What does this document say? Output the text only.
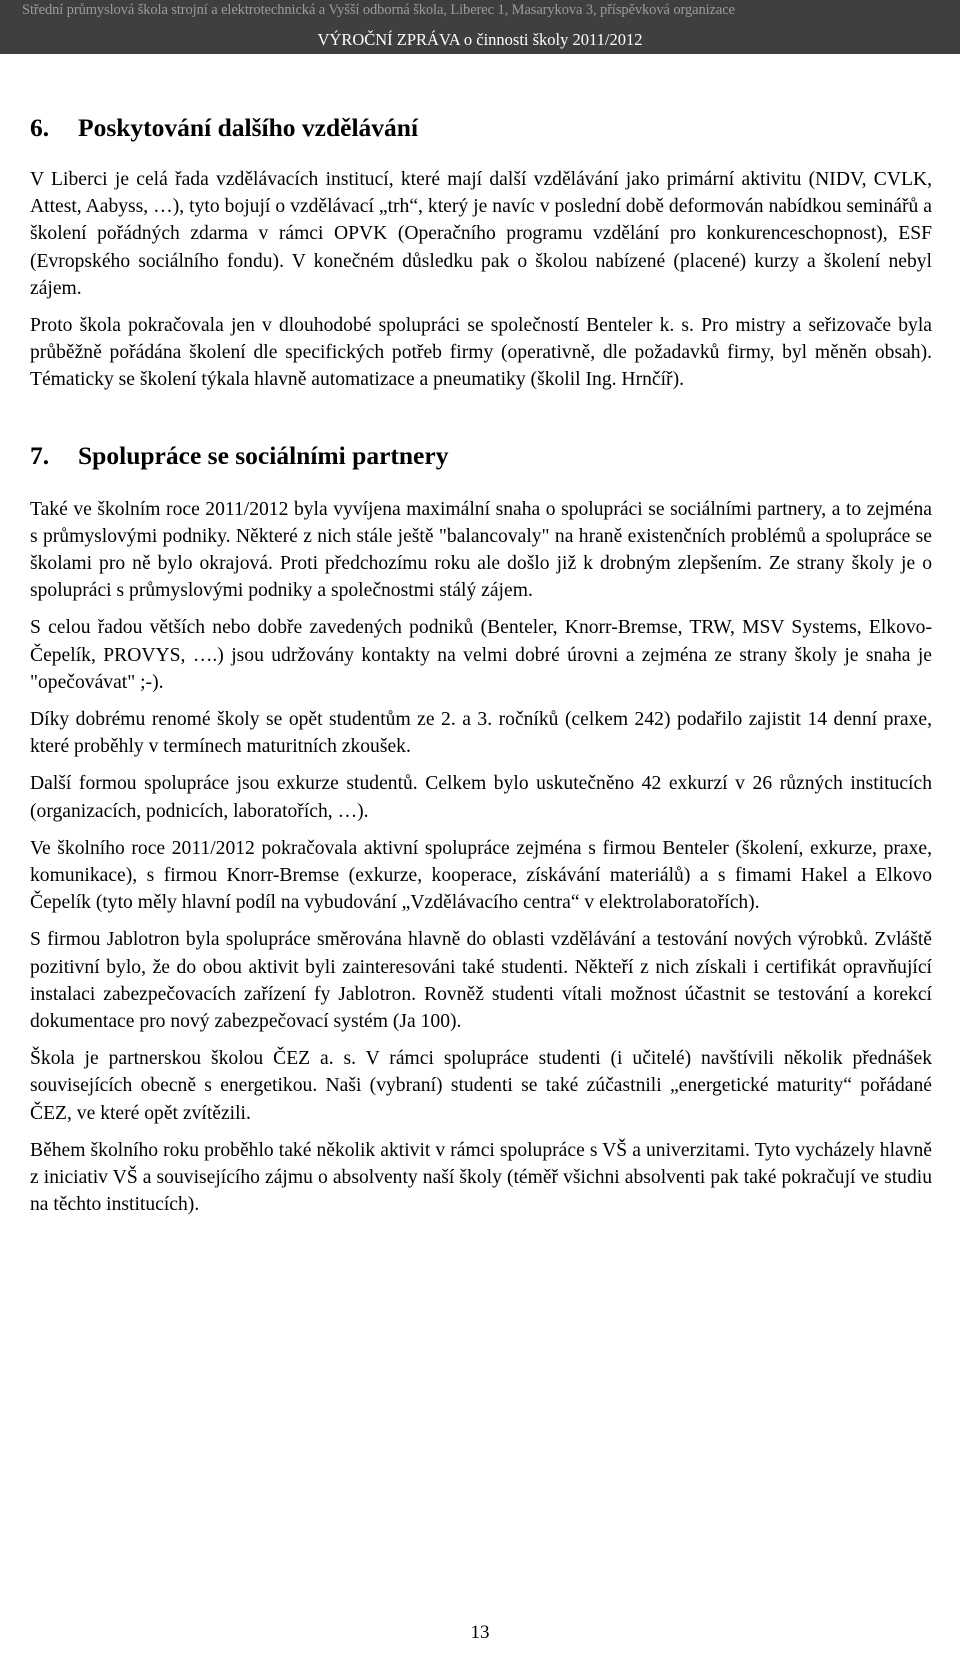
Střední průmyslová škola strojní a elektrotechnická a Vyšší odborná škola, Liberec 1, Masarykova 3, příspěvková organizace
VÝROČNÍ ZPRÁVA o činnosti školy 2011/2012
6.	Poskytování dalšího vzdělávání

V Liberci je celá řada vzdělávacích institucí, které mají další vzdělávání jako primární aktivitu (NIDV, CVLK, Attest, Aabyss, …), tyto bojují o vzdělávací „trh“, který je navíc v poslední době deformován nabídkou seminářů a školení pořádných zdarma v rámci OPVK (Operačního programu vzdělání pro konkurenceschopnost), ESF (Evropského sociálního fondu). V konečném důsledku pak o školou nabízené (placené) kurzy a školení nebyl zájem.

Proto škola pokračovala jen v dlouhodobé spolupráci se společností Benteler k. s. Pro mistry a seřizovače byla průběžně pořádána školení dle specifických potřeb firmy (operativně, dle požadavků firmy, byl měněn obsah). Tématicky se školení týkala hlavně automatizace a pneumatiky (školil Ing. Hrnčíř).

7.	Spolupráce se sociálními partnery

Také ve školním roce 2011/2012 byla vyvíjena maximální snaha o spolupráci se sociálními partnery, a to zejména s průmyslovými podniky. Některé z nich stále ještě "balancovaly" na hraně existenčních problémů a spolupráce se školami pro ně bylo okrajová. Proti předchozímu roku ale došlo již k drobným zlepšením. Ze strany školy je o spolupráci s průmyslovými podniky a společnostmi stálý zájem.

S celou řadou větších nebo dobře zavedených podniků (Benteler, Knorr-Bremse, TRW, MSV Systems, Elkovo-Čepelík, PROVYS, ….) jsou udržovány kontakty na velmi dobré úrovni a zejména ze strany školy je snaha je "opečovávat" ;-).

Díky dobrému renomé školy se opět studentům ze 2. a 3. ročníků (celkem 242) podařilo zajistit 14 denní praxe, které proběhly v termínech maturitních zkoušek.

Další formou spolupráce jsou exkurze studentů. Celkem bylo uskutečněno 42 exkurzí v 26 různých institucích (organizacích, podnicích, laboratořích, …).

Ve školního roce 2011/2012 pokračovala aktivní spolupráce zejména s firmou Benteler (školení, exkurze, praxe, komunikace), s firmou Knorr-Bremse (exkurze, kooperace, získávání materiálů) a s fimami Hakel a Elkovo Čepelík (tyto měly hlavní podíl na vybudování „Vzdělávacího centra“ v elektrolaboratořích).

S firmou Jablotron byla spolupráce směrována hlavně do oblasti vzdělávání a testování nových výrobků. Zvláště pozitivní bylo, že do obou aktivit byli zainteresováni také studenti. Někteří z nich získali i certifikát opravňující instalaci zabezpečovacích zařízení fy Jablotron. Rovněž studenti vítali možnost účastnit se testování a korekcí dokumentace pro nový zabezpečovací systém (Ja 100).

Škola je partnerskou školou ČEZ a. s. V rámci spolupráce studenti (i učitelé) navštívili několik přednášek souvisejících obecně s energetikou. Naši (vybraní) studenti se také zúčastnili „energetické maturity“ pořádané ČEZ, ve které opět zvítězili.

Během školního roku proběhlo také několik aktivit v rámci spolupráce s VŠ a univerzitami. Tyto vycházely hlavně z iniciativ VŠ a souvisejícího zájmu o absolventy naší školy (téměř všichni absolventi pak také pokračují ve studiu na těchto institucích).

13
